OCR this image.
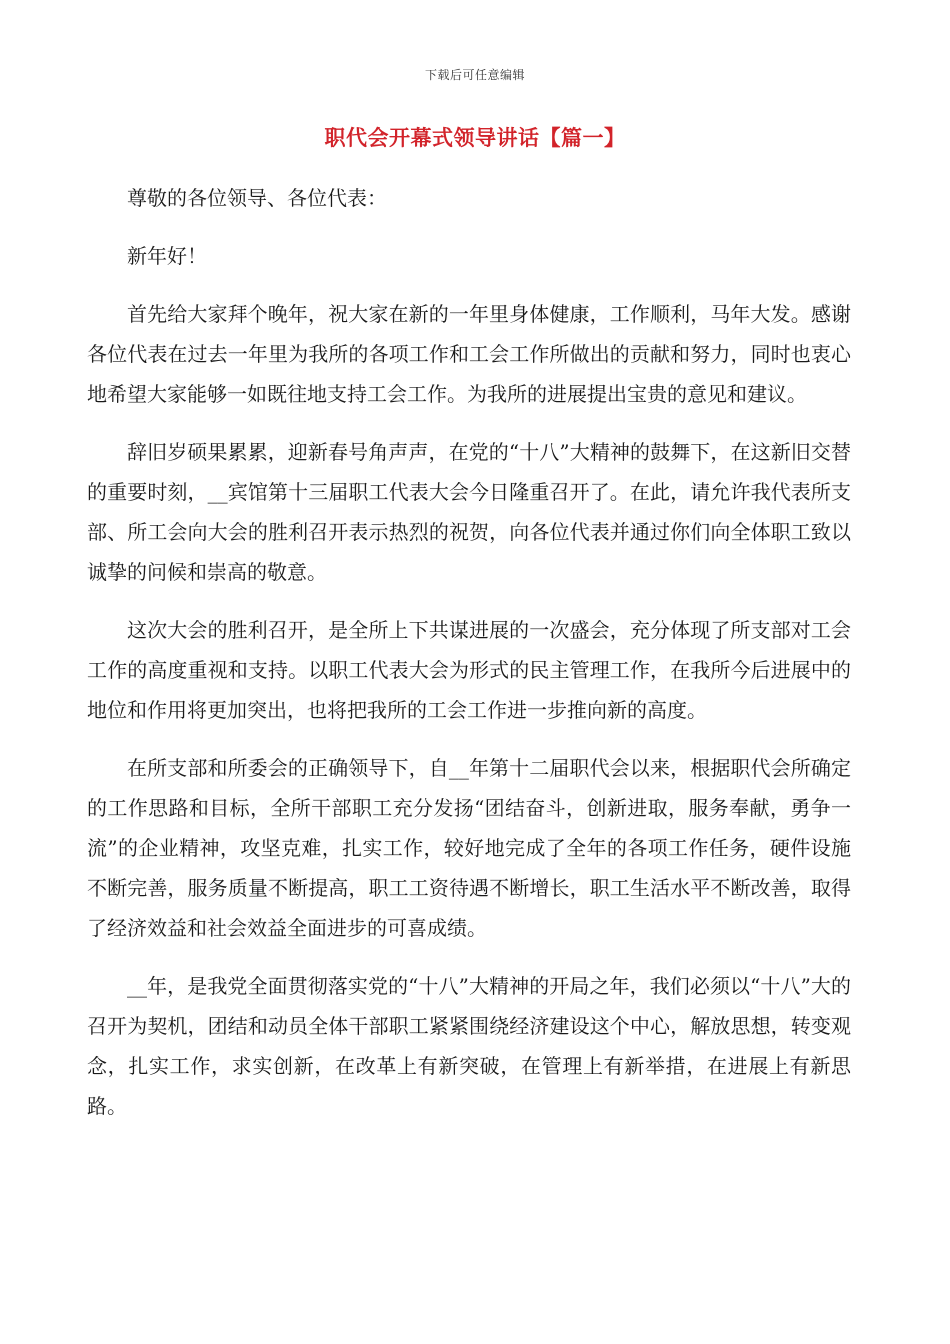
下载后可任意编辑
职代会开幕式领导讲话【篇一】

尊敬的各位领导、各位代表：

新年好！

首先给大家拜个晚年，祝大家在新的一年里身体健康，工作顺利，马年大发。感谢各位代表在过去一年里为我所的各项工作和工会工作所做出的贡献和努力，同时也衷心地希望大家能够一如既往地支持工会工作。为我所的进展提出宝贵的意见和建议。

辞旧岁硕果累累，迎新春号角声声，在党的“十八”大精神的鼓舞下，在这新旧交替的重要时刻，__宾馆第十三届职工代表大会今日隆重召开了。在此，请允许我代表所支部、所工会向大会的胜利召开表示热烈的祝贺，向各位代表并通过你们向全体职工致以诚挚的问候和崇高的敬意。

这次大会的胜利召开，是全所上下共谋进展的一次盛会，充分体现了所支部对工会工作的高度重视和支持。以职工代表大会为形式的民主管理工作，在我所今后进展中的地位和作用将更加突出，也将把我所的工会工作进一步推向新的高度。

在所支部和所委会的正确领导下，自__年第十二届职代会以来，根据职代会所确定的工作思路和目标，全所干部职工充分发扬“团结奋斗，创新进取，服务奉献，勇争一流”的企业精神，攻坚克难，扎实工作，较好地完成了全年的各项工作任务，硬件设施不断完善，服务质量不断提高，职工工资待遇不断增长，职工生活水平不断改善，取得了经济效益和社会效益全面进步的可喜成绩。

__年，是我党全面贯彻落实党的“十八”大精神的开局之年，我们必须以“十八”大的召开为契机，团结和动员全体干部职工紧紧围绕经济建设这个中心，解放思想，转变观念，扎实工作，求实创新，在改革上有新突破，在管理上有新举措，在进展上有新思路。
